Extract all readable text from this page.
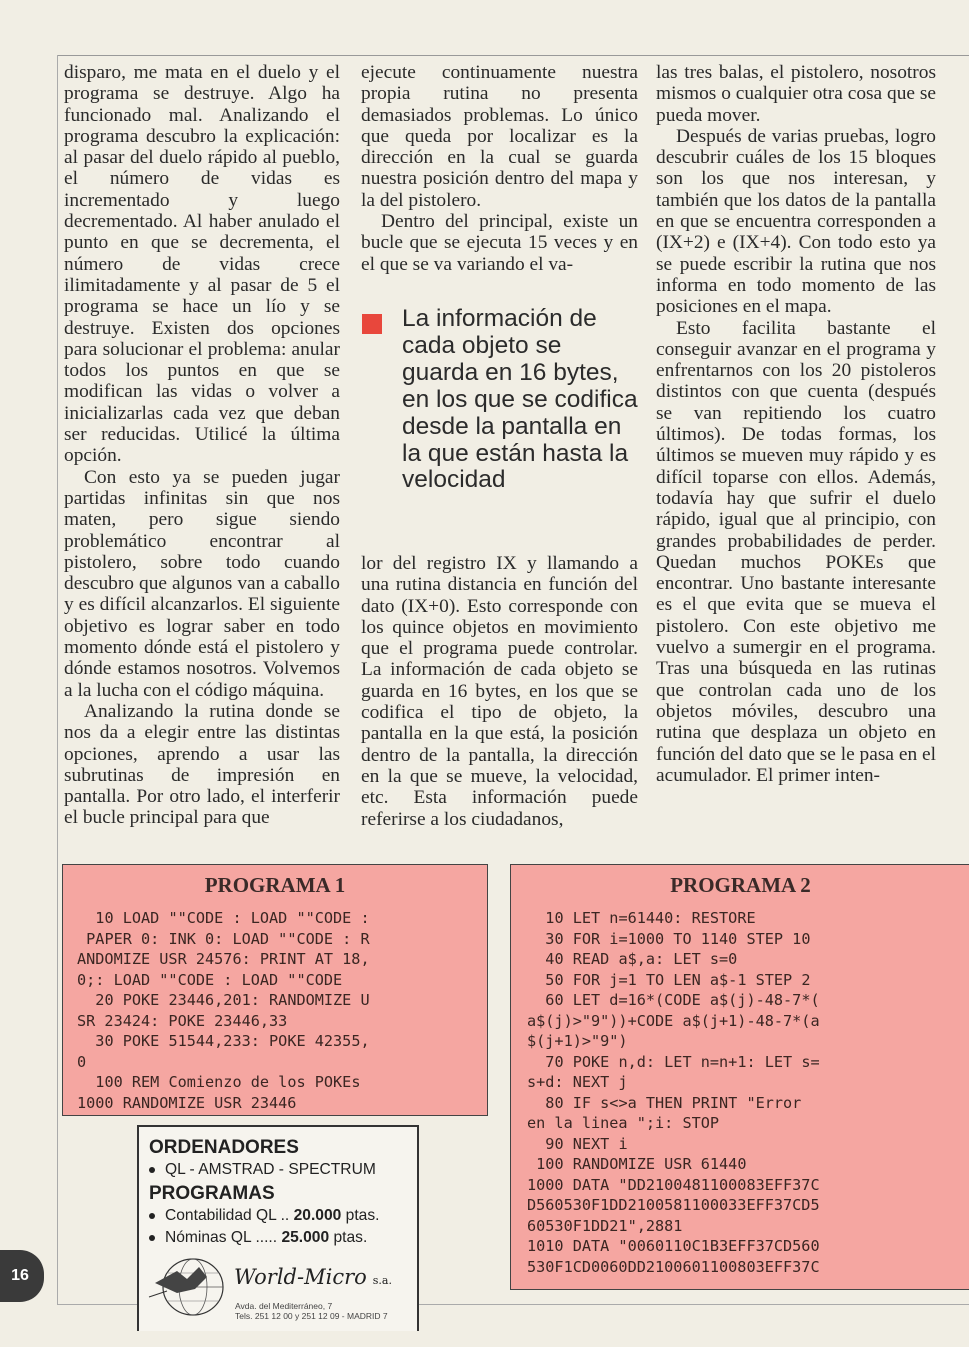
disparo, me mata en el duelo y el programa se destruye. Algo ha funcionado mal. Analizando el programa descubro la explicación: al pasar del duelo rápido al pueblo, el número de vidas es incrementado y luego decrementado. Al haber anulado el punto en que se decrementa, el número de vidas crece ilimitadamente y al pasar de 5 el programa se hace un lío y se destruye. Existen dos opciones para solucionar el problema: anular todos los puntos en que se modifican las vidas o volver a inicializarlas cada vez que deban ser reducidas. Utilicé la última opción.

Con esto ya se pueden jugar partidas infinitas sin que nos maten, pero sigue siendo problemático encontrar al pistolero, sobre todo cuando descubro que algunos van a caballo y es difícil alcanzarlos. El siguiente objetivo es lograr saber en todo momento dónde está el pistolero y dónde estamos nosotros. Volvemos a la lucha con el código máquina.

Analizando la rutina donde se nos da a elegir entre las distintas opciones, aprendo a usar las subrutinas de impresión en pantalla. Por otro lado, el interferir el bucle principal para que

ejecute continuamente nuestra propia rutina no presenta demasiados problemas. Lo único que queda por localizar es la dirección en la cual se guarda nuestra posición dentro del mapa y la del pistolero.

Dentro del principal, existe un bucle que se ejecuta 15 veces y en el que se va variando el va-

La información de cada objeto se guarda en 16 bytes, en los que se codifica desde la pantalla en la que están hasta la velocidad

lor del registro IX y llamando a una rutina distancia en función del dato (IX+0). Esto corresponde con los quince objetos en movimiento que el programa puede controlar. La información de cada objeto se guarda en 16 bytes, en los que se codifica el tipo de objeto, la pantalla en la que está, la posición dentro de la pantalla, la dirección en la que se mueve, la velocidad, etc. Esta información puede referirse a los ciudadanos,

las tres balas, el pistolero, nosotros mismos o cualquier otra cosa que se pueda mover.

Después de varias pruebas, logro descubrir cuáles de los 15 bloques son los que nos interesan, y también que los datos de la pantalla en que se encuentra corresponden a (IX+2) e (IX+4). Con todo esto ya se puede escribir la rutina que nos informa en todo momento de las posiciones en el mapa.

Esto facilita bastante el conseguir avanzar en el programa y enfrentarnos con los 20 pistoleros distintos con que cuenta (después se van repitiendo los cuatro últimos). De todas formas, los últimos se mueven muy rápido y es difícil toparse con ellos. Además, todavía hay que sufrir el duelo rápido, igual que al principio, con grandes probabilidades de perder. Quedan muchos POKEs que encontrar. Uno bastante interesante es el que evita que se mueva el pistolero. Con este objetivo me vuelvo a sumergir en el programa. Tras una búsqueda en las rutinas que controlan cada uno de los objetos móviles, descubro una rutina que desplaza un objeto en función del dato que se le pasa en el acumulador. El primer inten-

PROGRAMA 1
10 LOAD ""CODE : LOAD ""CODE :
PAPER 0: INK 0: LOAD ""CODE : R
ANDOMIZE USR 24576: PRINT AT 18,
0;: LOAD ""CODE : LOAD ""CODE
20 POKE 23446,201: RANDOMIZE U
SR 23424: POKE 23446,33
30 POKE 51544,233: POKE 42355,
0
100 REM Comienzo de los POKEs
1000 RANDOMIZE USR 23446
PROGRAMA 2
10 LET n=61440: RESTORE
30 FOR i=1000 TO 1140 STEP 10
40 READ a$,a: LET s=0
50 FOR j=1 TO LEN a$-1 STEP 2
60 LET d=16*(CODE a$(j)-48-7*(
a$(j)>"9"))+CODE a$(j+1)-48-7*(a
$(j+1)>"9")
70 POKE n,d: LET n=n+1: LET s=
s+d: NEXT j
80 IF s<>a THEN PRINT "Error
en la linea ";i: STOP
90 NEXT i
100 RANDOMIZE USR 61440
1000 DATA "DD2100481100083EFF37C
D560530F1DD2100581100033EFF37CD5
60530F1DD21",2881
1010 DATA "0060110C1B3EFF37CD560
530F1CD0060DD2100601100803EFF37C
ORDENADORES
QL - AMSTRAD - SPECTRUM
PROGRAMAS
Contabilidad QL .. 20.000 ptas.
Nóminas QL ..... 25.000 ptas.
World-Micro s.a.
Avda. del Mediterráneo, 7
Tels. 251 12 00 y 251 12 09 - MADRID 7
16
